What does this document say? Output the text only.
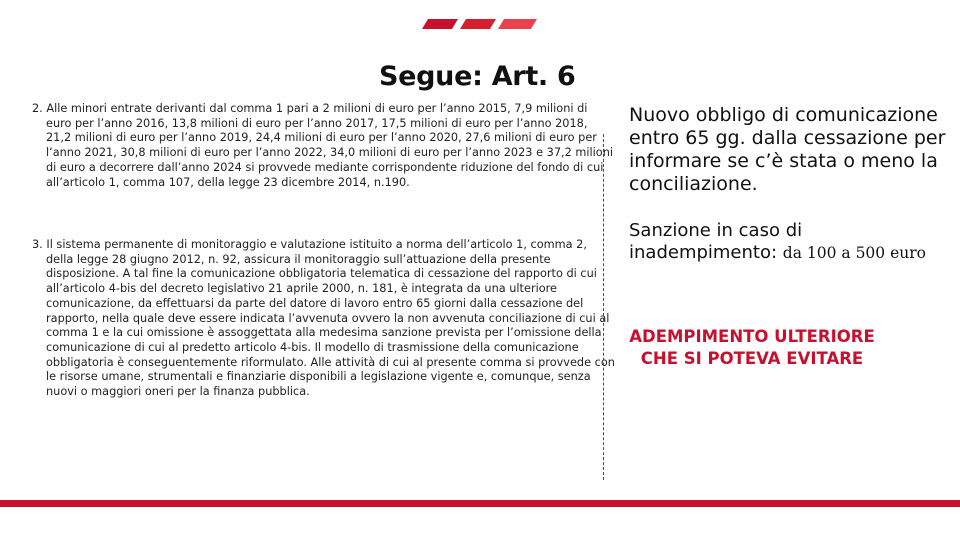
Segue: Art. 6

2. Alle minori entrate derivanti dal comma 1 pari a 2 milioni di euro per l’anno 2015, 7,9 milioni di euro per l’anno 2016, 13,8 milioni di euro per l’anno 2017, 17,5 milioni di euro per l’anno 2018, 21,2 milioni di euro per l’anno 2019, 24,4 milioni di euro per l’anno 2020, 27,6 milioni di euro per l’anno 2021, 30,8 milioni di euro per l’anno 2022, 34,0 milioni di euro per l’anno 2023 e 37,2 milioni di euro a decorrere dall’anno 2024 si provvede mediante corrispondente riduzione del fondo di cui all’articolo 1, comma 107, della legge 23 dicembre 2014, n.190.

3. Il sistema permanente di monitoraggio e valutazione istituito a norma dell’articolo 1, comma 2, della legge 28 giugno 2012, n. 92, assicura il monitoraggio sull’attuazione della presente disposizione. A tal fine la comunicazione obbligatoria telematica di cessazione del rapporto di cui all’articolo 4-bis del decreto legislativo 21 aprile 2000, n. 181, è integrata da una ulteriore comunicazione, da effettuarsi da parte del datore di lavoro entro 65 giorni dalla cessazione del rapporto, nella quale deve essere indicata l’avvenuta ovvero la non avvenuta conciliazione di cui al comma 1 e la cui omissione è assoggettata alla medesima sanzione prevista per l’omissione della comunicazione di cui al predetto articolo 4-bis. Il modello di trasmissione della comunicazione obbligatoria è conseguentemente riformulato. Alle attività di cui al presente comma si provvede con le risorse umane, strumentali e finanziarie disponibili a legislazione vigente e, comunque, senza nuovi o maggiori oneri per la finanza pubblica.

Nuovo obbligo di comunicazione entro 65 gg. dalla cessazione per informare se c’è stata o meno la conciliazione.
Sanzione in caso di inadempimento: da 100 a 500 euro
ADEMPIMENTO ULTERIORE CHE SI POTEVA EVITARE
